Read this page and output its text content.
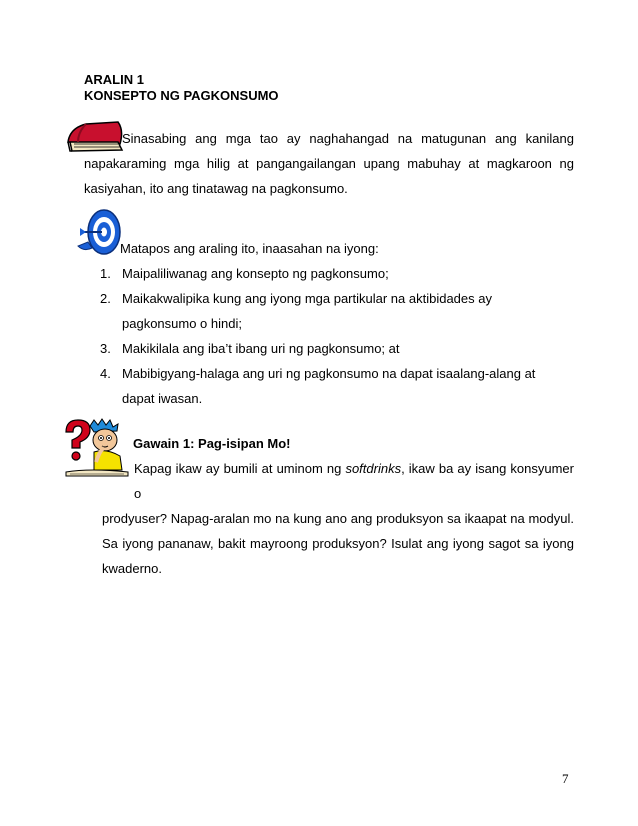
ARALIN 1
KONSEPTO NG PAGKONSUMO
Sinasabing ang mga tao ay naghahangad na matugunan ang kanilang
napakaraming mga hilig at pangangailangan upang mabuhay at magkaroon ng
kasiyahan, ito ang tinatawag na pagkonsumo.
Matapos ang araling ito, inaasahan na iyong:
1. Maipaliliwanag ang konsepto ng pagkonsumo;
2. Maikakwalipika kung ang iyong mga partikular na aktibidades ay pagkonsumo o hindi;
3. Makikilala ang iba’t ibang uri ng pagkonsumo; at
4. Mabibigyang-halaga ang uri ng pagkonsumo na dapat isaalang-alang at dapat iwasan.
Gawain 1: Pag-isipan Mo!
Kapag ikaw ay bumili at uminom ng softdrinks, ikaw ba ay isang konsyumer o
prodyuser? Napag-aralan mo na kung ano ang produksyon sa ikaapat na modyul.
Sa iyong pananaw, bakit mayroong produksyon? Isulat ang iyong sagot sa iyong
kwaderno.
7
